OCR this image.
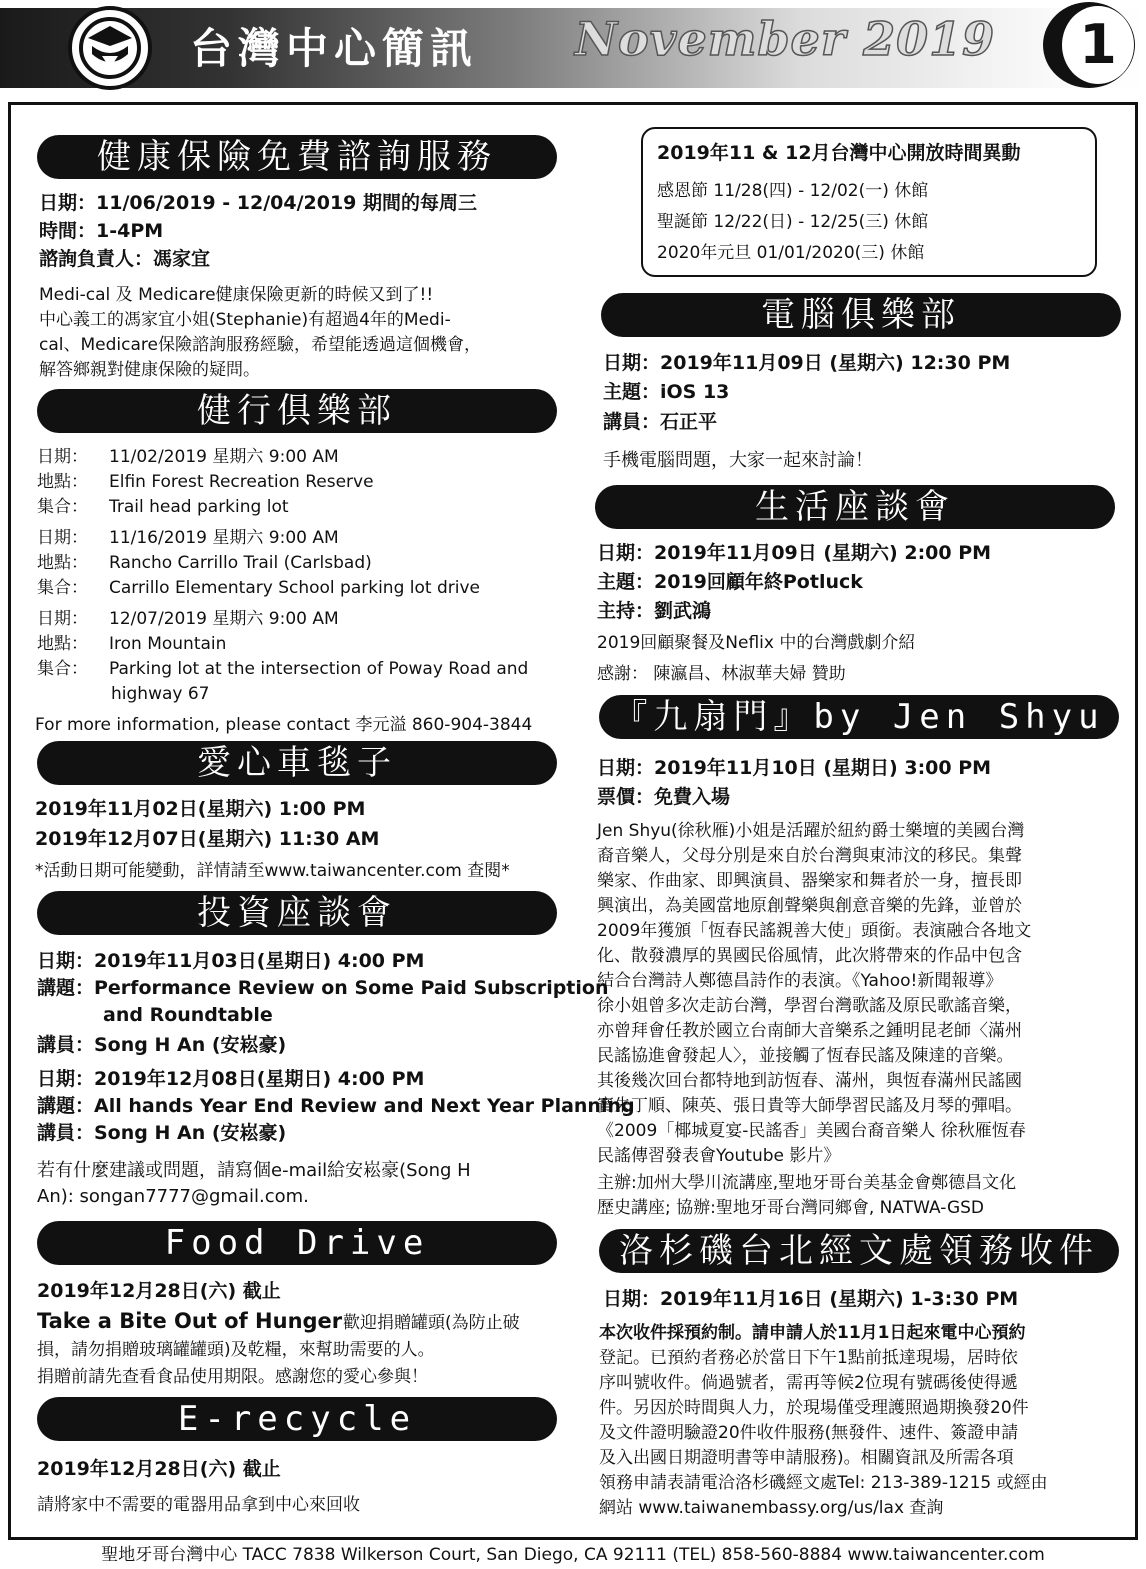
台灣中心簡訊 November 2019	1
健康保險免費諮詢服務
日期：11/06/2019 - 12/04/2019 期間的每周三
時間：1-4PM
諮詢負責人：馮家宜
Medi-cal 及 Medicare健康保險更新的時候又到了!!
中心義工的馮家宜小姐(Stephanie)有超過4年的Medi-
cal、Medicare保險諮詢服務經驗，希望能透過這個機會，
解答鄉親對健康保險的疑問。
健行俱樂部
日期： 11/02/2019 星期六 9:00 AM
地點： Elfin Forest Recreation Reserve
集合： Trail head parking lot
日期： 11/16/2019 星期六 9:00 AM
地點： Rancho Carrillo Trail (Carlsbad)
集合： Carrillo Elementary School parking lot drive
日期： 12/07/2019 星期六 9:00 AM
地點： Iron Mountain
集合： Parking lot at the intersection of Poway Road and
highway 67
For more information, please contact 李元溢 860-904-3844
愛心車毯子
2019年11月02日(星期六) 1:00 PM
2019年12月07日(星期六) 11:30 AM
*活動日期可能變動，詳情請至www.taiwancenter.com 查閱*
投資座談會
日期：2019年11月03日(星期日) 4:00 PM
講題：Performance Review on Some Paid Subscription
and Roundtable
講員：Song H An (安崧豪)
日期：2019年12月08日(星期日) 4:00 PM
講題：All hands Year End Review and Next Year Planning
講員：Song H An (安崧豪)
若有什麼建議或問題，請寫個e-mail給安崧豪(Song H
An): songan7777@gmail.com.
Food Drive
2019年12月28日(六) 截止
Take a Bite Out of Hunger 歡迎捐贈罐頭(為防止破
損，請勿捐贈玻璃罐罐頭)及乾糧，來幫助需要的人。
捐贈前請先查看食品使用期限。感謝您的愛心參與！
E-recycle
2019年12月28日(六) 截止
請將家中不需要的電器用品拿到中心來回收
2019年11 & 12月台灣中心開放時間異動
感恩節 11/28(四) - 12/02(一) 休館
聖誕節 12/22(日) - 12/25(三) 休館
2020年元旦 01/01/2020(三) 休館
電腦俱樂部
日期：2019年11月09日 (星期六) 12:30 PM
主題：iOS 13
講員：石正平
手機電腦問題，大家一起來討論！
生活座談會
日期：2019年11月09日 (星期六) 2:00 PM
主題：2019回顧年終Potluck
主持：劉武鴻
2019回顧聚餐及Neflix 中的台灣戲劇介紹
感謝： 陳瀛昌、林淑華夫婦 贊助
『九扇門』by Jen Shyu
日期：2019年11月10日 (星期日) 3:00 PM
票價：免費入場
Jen Shyu(徐秋雁)小姐是活躍於紐約爵士樂壇的美國台灣
裔音樂人，父母分別是來自於台灣與東沛汶的移民。集聲
樂家、作曲家、即興演員、器樂家和舞者於一身，擅長即
興演出，為美國當地原創聲樂與創意音樂的先鋒，並曾於
2009年獲頒「恆春民謠親善大使」頭銜。表演融合各地文
化、散發濃厚的異國民俗風情，此次將帶來的作品中包含
結合台灣詩人鄭德昌詩作的表演。《Yahoo!新聞報導》
徐小姐曾多次走訪台灣，學習台灣歌謠及原民歌謠音樂，
亦曾拜會任教於國立台南師大音樂系之鍾明昆老師〈滿州
民謠協進會發起人〉，並接觸了恆春民謠及陳達的音樂。
其後幾次回台都特地到訪恆春、滿州，與恆春滿州民謠國
寶朱丁順、陳英、張日貴等大師學習民謠及月琴的彈唱。
《2009「椰城夏宴-民謠香」美國台裔音樂人 徐秋雁恆春
民謠傳習發表會Youtube 影片》
主辦:加州大學川流講座,聖地牙哥台美基金會鄭德昌文化
歷史講座; 協辦:聖地牙哥台灣同鄉會, NATWA-GSD
洛杉磯台北經文處領務收件
日期：2019年11月16日 (星期六) 1-3:30 PM
本次收件採預約制。請申請人於11月1日起來電中心預約
登記。已預約者務必於當日下午1點前抵達現場，居時依
序叫號收件。倘過號者，需再等候2位現有號碼後使得遞
件。另因於時間與人力，於現場僅受理護照過期換發20件
及文件證明驗證20件收件服務(無發件、速件、簽證申請
及入出國日期證明書等申請服務)。相關資訊及所需各項
領務申請表請電洽洛杉磯經文處Tel: 213-389-1215 或經由
網站 www.taiwanembassy.org/us/lax 查詢
聖地牙哥台灣中心 TACC 7838 Wilkerson Court, San Diego, CA 92111 (TEL) 858-560-8884 www.taiwancenter.com
